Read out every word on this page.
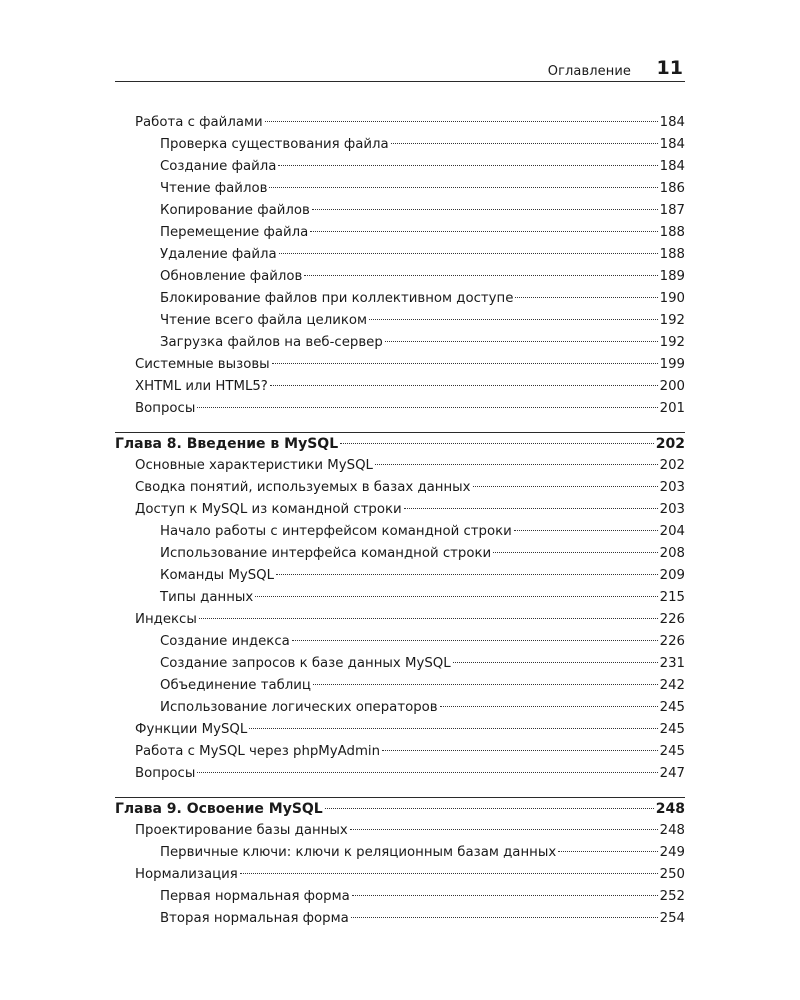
Оглавление 11
Работа с файлами	184
Проверка существования файла	184
Создание файла	184
Чтение файлов	186
Копирование файлов	187
Перемещение файла	188
Удаление файла	188
Обновление файлов	189
Блокирование файлов при коллективном доступе	190
Чтение всего файла целиком	192
Загрузка файлов на веб-сервер	192
Системные вызовы	199
XHTML или HTML5?	200
Вопросы	201
Глава 8. Введение в MySQL	202
Основные характеристики MySQL	202
Сводка понятий, используемых в базах данных	203
Доступ к MySQL из командной строки	203
Начало работы с интерфейсом командной строки	204
Использование интерфейса командной строки	208
Команды MySQL	209
Типы данных	215
Индексы	226
Создание индекса	226
Создание запросов к базе данных MySQL	231
Объединение таблиц	242
Использование логических операторов	245
Функции MySQL	245
Работа с MySQL через phpMyAdmin	245
Вопросы	247
Глава 9. Освоение MySQL	248
Проектирование базы данных	248
Первичные ключи: ключи к реляционным базам данных	249
Нормализация	250
Первая нормальная форма	252
Вторая нормальная форма	254
